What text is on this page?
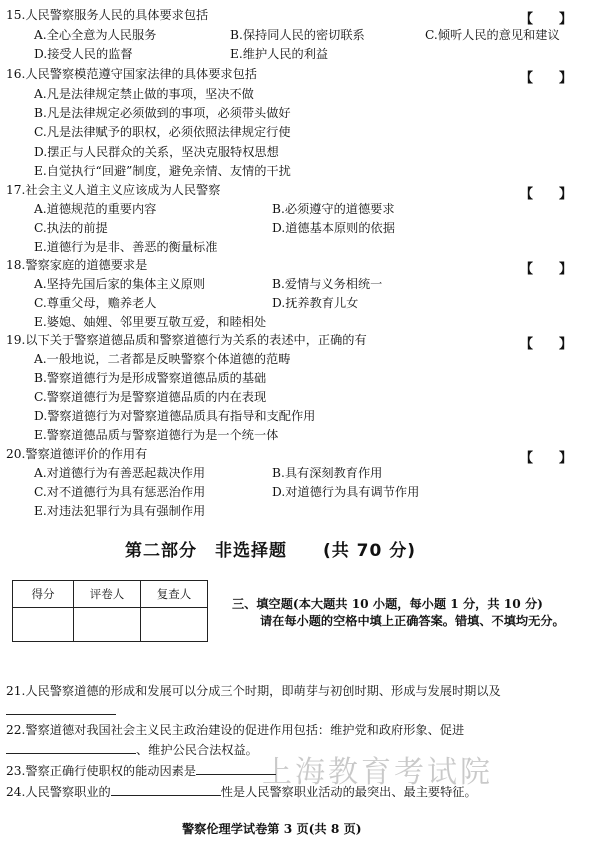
15.人民警察服务人民的具体要求包括	【　　】
A.全心全意为人民服务	B.保持同人民的密切联系	C.倾听人民的意见和建议
D.接受人民的监督	E.维护人民的利益
16.人民警察模范遵守国家法律的具体要求包括	【　　】
A.凡是法律规定禁止做的事项，坚决不做
B.凡是法律规定必须做到的事项，必须带头做好
C.凡是法律赋予的职权，必须依照法律规定行使
D.摆正与人民群众的关系，坚决克服特权思想
E.自觉执行“回避”制度，避免亲情、友情的干扰
17.社会主义人道主义应该成为人民警察	【　　】
A.道德规范的重要内容	B.必须遵守的道德要求
C.执法的前提	D.道德基本原则的依据
E.道德行为是非、善恶的衡量标准
18.警察家庭的道德要求是	【　　】
A.坚持先国后家的集体主义原则	B.爱情与义务相统一
C.尊重父母，赡养老人	D.抚养教育儿女
E.婆媳、妯娌、邻里要互敬互爱，和睦相处
19.以下关于警察道德品质和警察道德行为关系的表述中，正确的有	【　　】
A.一般地说，二者都是反映警察个体道德的范畴
B.警察道德行为是形成警察道德品质的基础
C.警察道德行为是警察道德品质的内在表现
D.警察道德行为对警察道德品质具有指导和支配作用
E.警察道德品质与警察道德行为是一个统一体
20.警察道德评价的作用有	【　　】
A.对道德行为有善恶起裁决作用	B.具有深刻教育作用
C.对不道德行为具有惩恶治作用	D.对道德行为具有调节作用
E.对违法犯罪行为具有强制作用
第二部分　非选择题　　(共 70 分)
得分	评卷人	复查人

三、填空题(本大题共 10 小题，每小题 1 分，共 10 分)
请在每小题的空格中填上正确答案。错填、不填均无分。
21.人民警察道德的形成和发展可以分成三个时期，即萌芽与初创时期、形成与发展时期以及
22.警察道德对我国社会主义民主政治建设的促进作用包括：维护党和政府形象、促进
、维护公民合法权益。
上海教育考试院
23.警察正确行使职权的能动因素是
24.人民警察职业的	性是人民警察职业活动的最突出、最主要特征。
警察伦理学试卷第 3 页(共 8 页)
